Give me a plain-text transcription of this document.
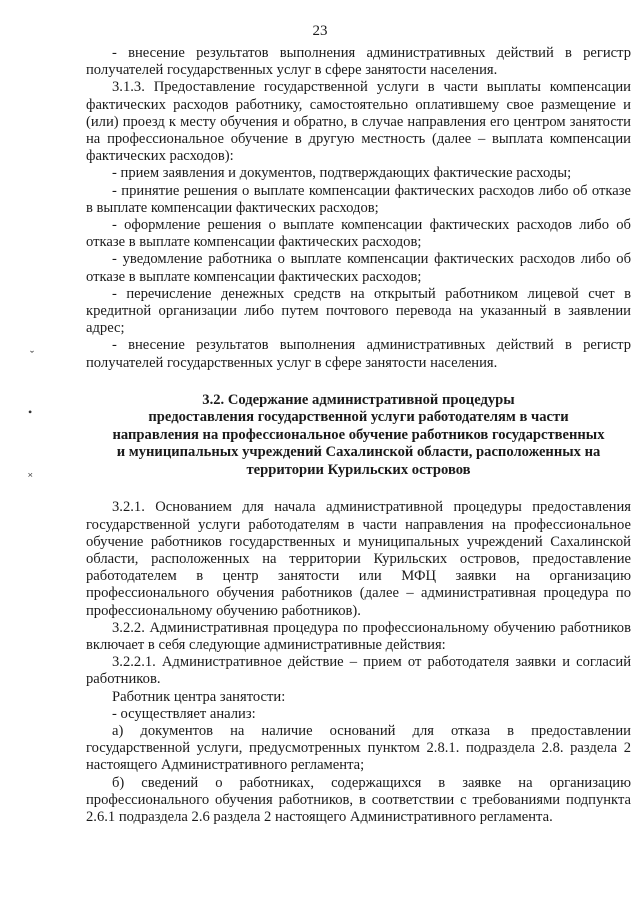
23
ˇ
•
˟

- внесение результатов выполнения административных действий в регистр получателей государственных услуг в сфере занятости населения.

3.1.3. Предоставление государственной услуги в части выплаты компенсации фактических расходов работнику, самостоятельно оплатившему свое размещение и (или) проезд к месту обучения и обратно, в случае направления его центром занятости на профессиональное обучение в другую местность (далее – выплата компенсации фактических расходов):

- прием заявления и документов, подтверждающих фактические расходы;

- принятие решения о выплате компенсации фактических расходов либо об отказе в выплате компенсации фактических расходов;

- оформление решения о выплате компенсации фактических расходов либо об отказе в выплате компенсации фактических расходов;

- уведомление работника о выплате компенсации фактических расходов либо об отказе в выплате компенсации фактических расходов;

- перечисление денежных средств на открытый работником лицевой счет в кредитной организации либо путем почтового перевода на указанный в заявлении адрес;

- внесение результатов выполнения административных действий в регистр получателей государственных услуг в сфере занятости населения.

3.2. Содержание административной процедуры

предоставления государственной услуги работодателям в части

направления на профессиональное обучение работников государственных

и муниципальных учреждений Сахалинской области, расположенных на

территории Курильских островов

3.2.1. Основанием для начала административной процедуры предоставления государственной услуги работодателям в части направления на профессиональное обучение работников государственных и муниципальных учреждений Сахалинской области, расположенных на территории Курильских островов, предоставление работодателем в центр занятости или МФЦ заявки на организацию профессионального обучения работников (далее – административная процедура по профессиональному обучению работников).

3.2.2. Административная процедура по профессиональному обучению работников включает в себя следующие административные действия:

3.2.2.1. Административное действие – прием от работодателя заявки и согласий работников.

Работник центра занятости:

- осуществляет анализ:

а) документов на наличие оснований для отказа в предоставлении государственной услуги, предусмотренных пунктом 2.8.1. подраздела 2.8. раздела 2 настоящего Административного регламента;

б) сведений о работниках, содержащихся в заявке на организацию профессионального обучения работников, в соответствии с требованиями подпункта 2.6.1 подраздела 2.6 раздела 2 настоящего Административного регламента.
